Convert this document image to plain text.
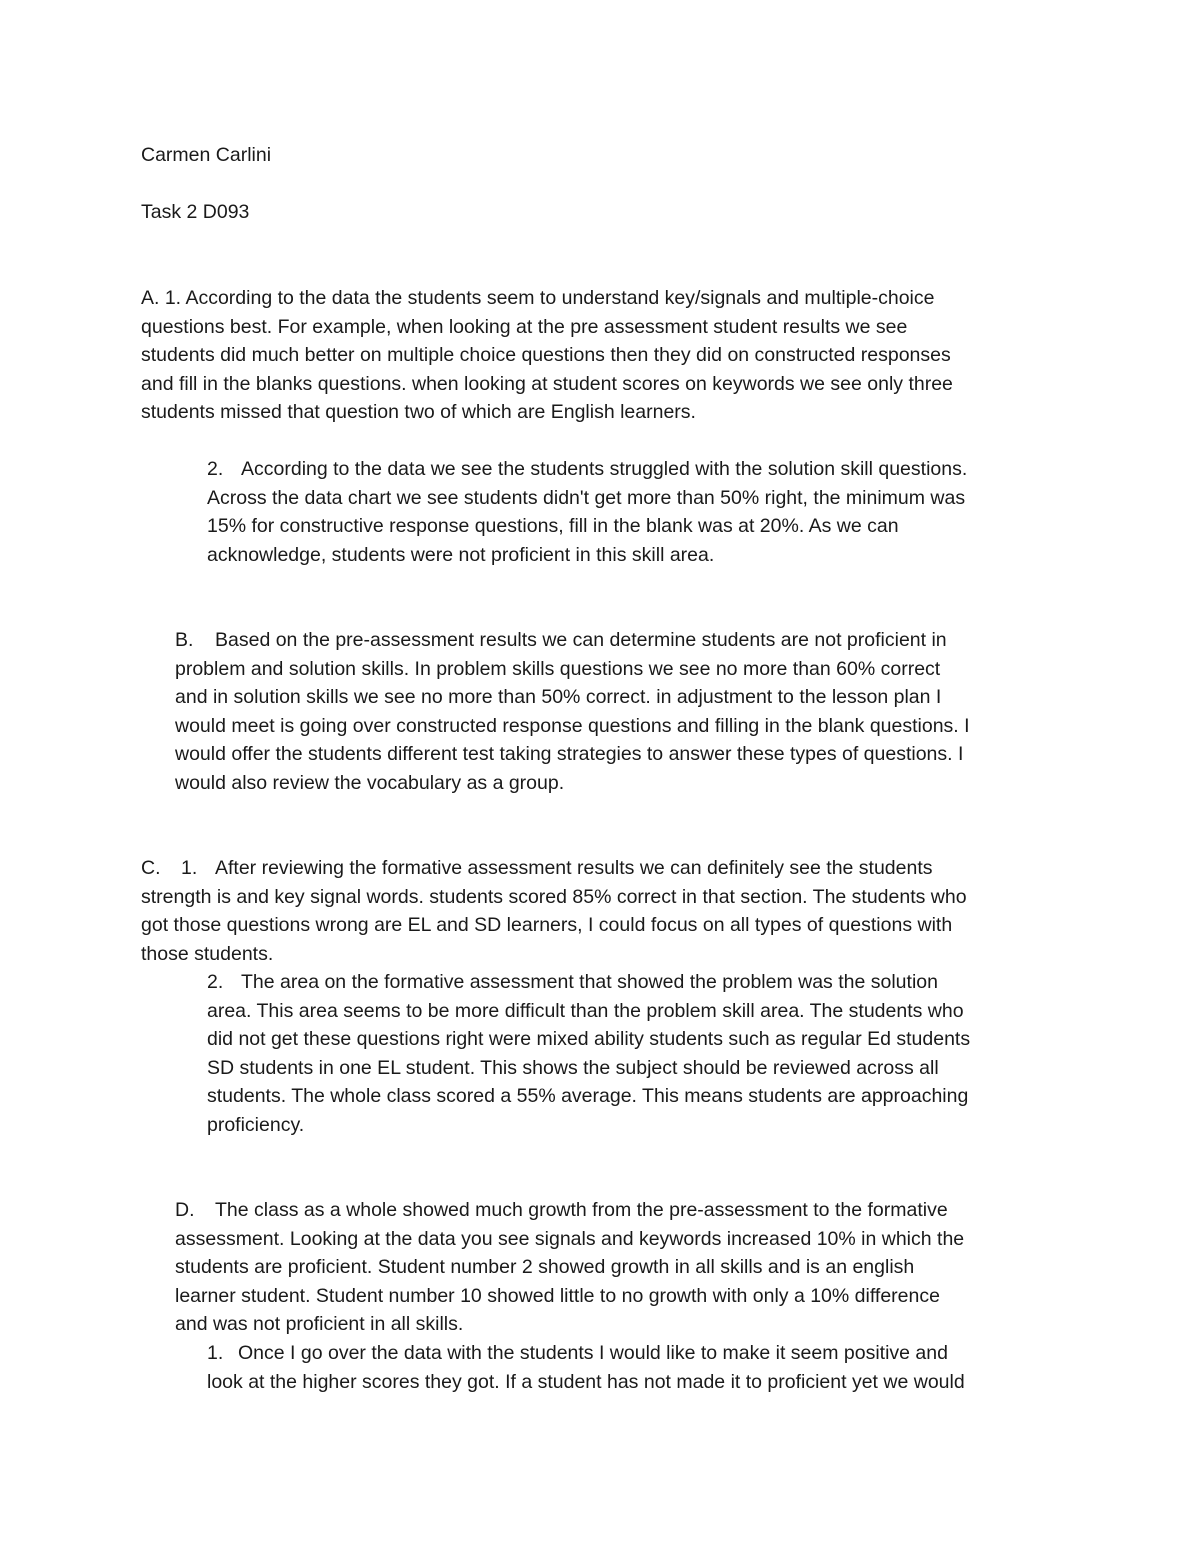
Carmen Carlini
Task 2 D093
A. 1. According to the data the students seem to understand key/signals and multiple-choice
questions best. For example, when looking at the pre assessment student results we see
students did much better on multiple choice questions then they did on constructed responses
and fill in the blanks questions. when looking at student scores on keywords we see only three
students missed that question two of which are English learners.
2. According to the data we see the students struggled with the solution skill questions.
Across the data chart we see students didn't get more than 50% right, the minimum was
15% for constructive response questions, fill in the blank was at 20%. As we can
acknowledge, students were not proficient in this skill area.
B. Based on the pre-assessment results we can determine students are not proficient in
problem and solution skills. In problem skills questions we see no more than 60% correct
and in solution skills we see no more than 50% correct. in adjustment to the lesson plan I
would meet is going over constructed response questions and filling in the blank questions. I
would offer the students different test taking strategies to answer these types of questions. I
would also review the vocabulary as a group.
C. 1. After reviewing the formative assessment results we can definitely see the students
strength is and key signal words. students scored 85% correct in that section. The students who
got those questions wrong are EL and SD learners, I could focus on all types of questions with
those students.
2. The area on the formative assessment that showed the problem was the solution
area. This area seems to be more difficult than the problem skill area. The students who
did not get these questions right were mixed ability students such as regular Ed students
SD students in one EL student. This shows the subject should be reviewed across all
students. The whole class scored a 55% average. This means students are approaching
proficiency.
D. The class as a whole showed much growth from the pre-assessment to the formative
assessment. Looking at the data you see signals and keywords increased 10% in which the
students are proficient. Student number 2 showed growth in all skills and is an english
learner student. Student number 10 showed little to no growth with only a 10% difference
and was not proficient in all skills.
1. Once I go over the data with the students I would like to make it seem positive and
look at the higher scores they got. If a student has not made it to proficient yet we would
